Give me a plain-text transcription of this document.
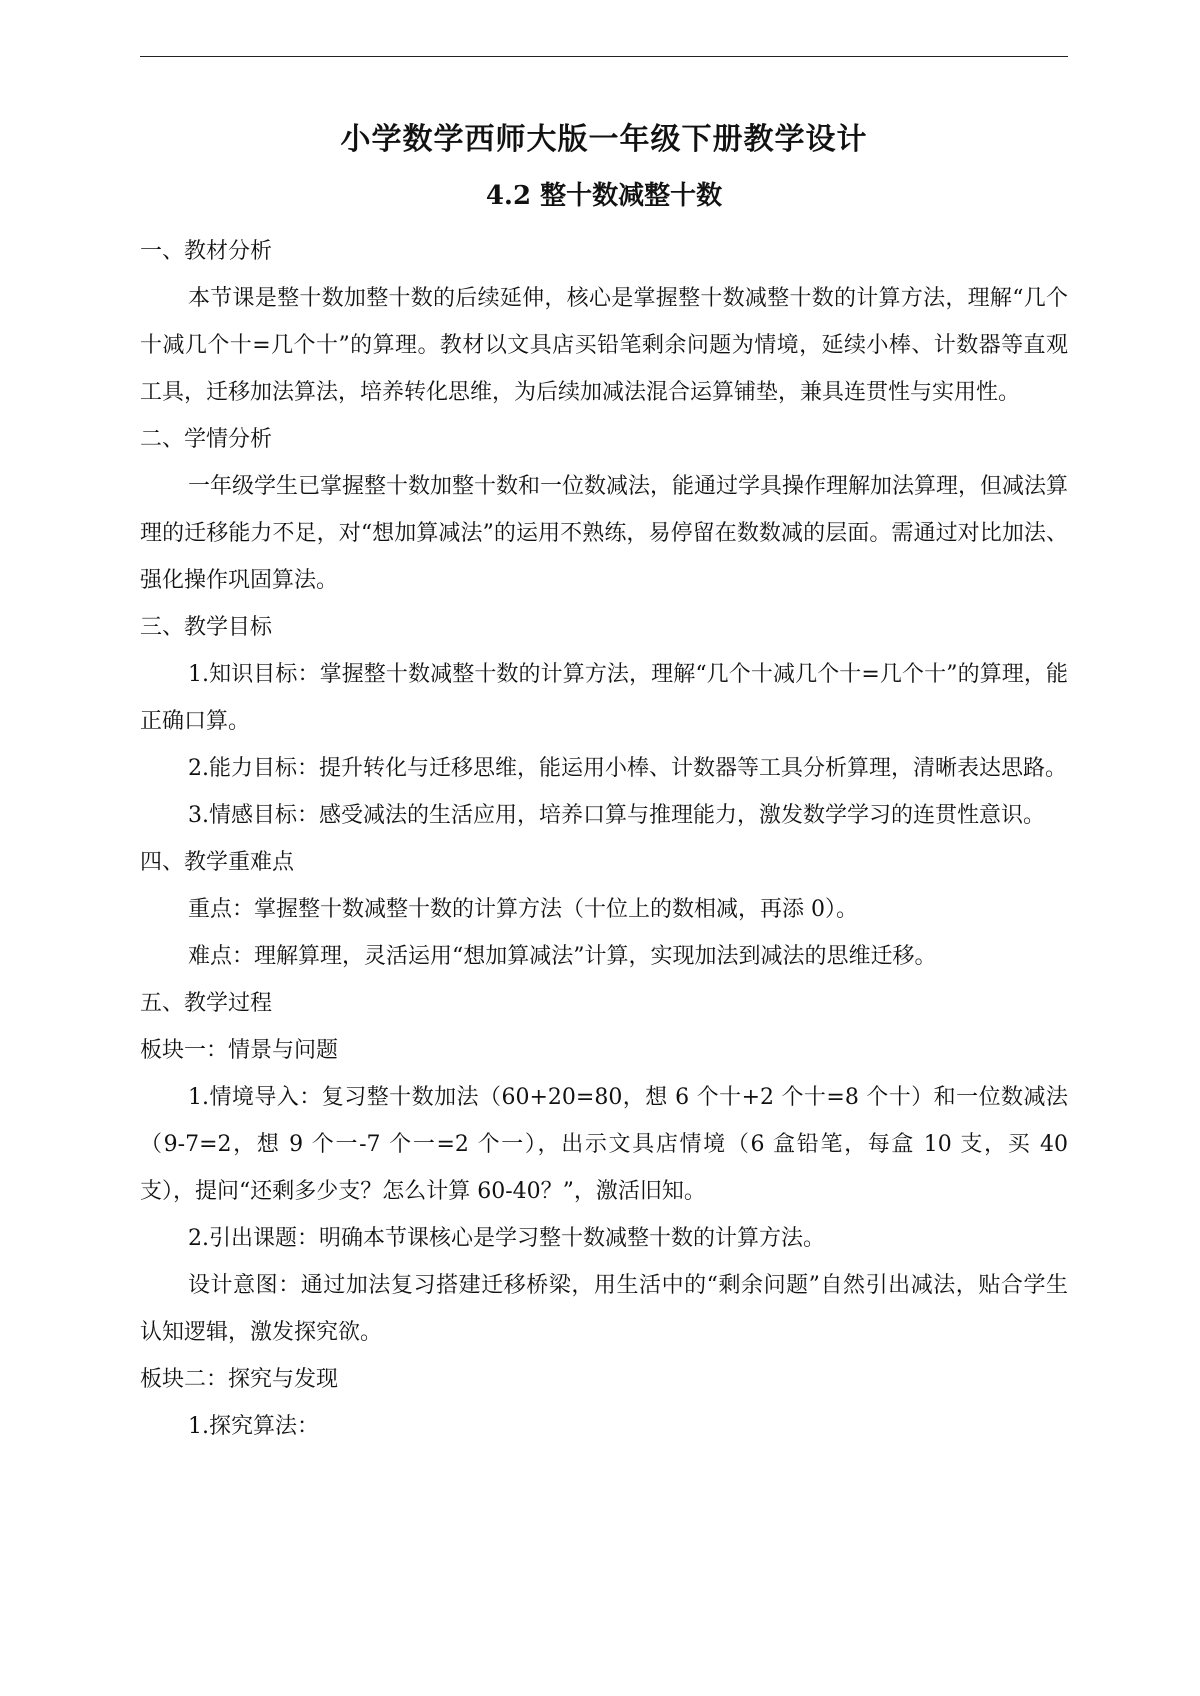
小学数学西师大版一年级下册教学设计
4.2 整十数减整十数

一、教材分析

本节课是整十数加整十数的后续延伸，核心是掌握整十数减整十数的计算方法，理解“几个十减几个十=几个十”的算理。教材以文具店买铅笔剩余问题为情境，延续小棒、计数器等直观工具，迁移加法算法，培养转化思维，为后续加减法混合运算铺垫，兼具连贯性与实用性。

二、学情分析

一年级学生已掌握整十数加整十数和一位数减法，能通过学具操作理解加法算理，但减法算理的迁移能力不足，对“想加算减法”的运用不熟练，易停留在数数减的层面。需通过对比加法、强化操作巩固算法。

三、教学目标

1.知识目标：掌握整十数减整十数的计算方法，理解“几个十减几个十=几个十”的算理，能正确口算。

2.能力目标：提升转化与迁移思维，能运用小棒、计数器等工具分析算理，清晰表达思路。

3.情感目标：感受减法的生活应用，培养口算与推理能力，激发数学学习的连贯性意识。

四、教学重难点

重点：掌握整十数减整十数的计算方法（十位上的数相减，再添 0）。

难点：理解算理，灵活运用“想加算减法”计算，实现加法到减法的思维迁移。

五、教学过程

板块一：情景与问题

1.情境导入：复习整十数加法（60+20=80，想 6 个十+2 个十=8 个十）和一位数减法（9-7=2，想 9 个一-7 个一=2 个一），出示文具店情境（6 盒铅笔，每盒 10 支，买 40 支），提问“还剩多少支？怎么计算 60-40？”，激活旧知。

2.引出课题：明确本节课核心是学习整十数减整十数的计算方法。

设计意图：通过加法复习搭建迁移桥梁，用生活中的“剩余问题”自然引出减法，贴合学生认知逻辑，激发探究欲。

板块二：探究与发现

1.探究算法：
